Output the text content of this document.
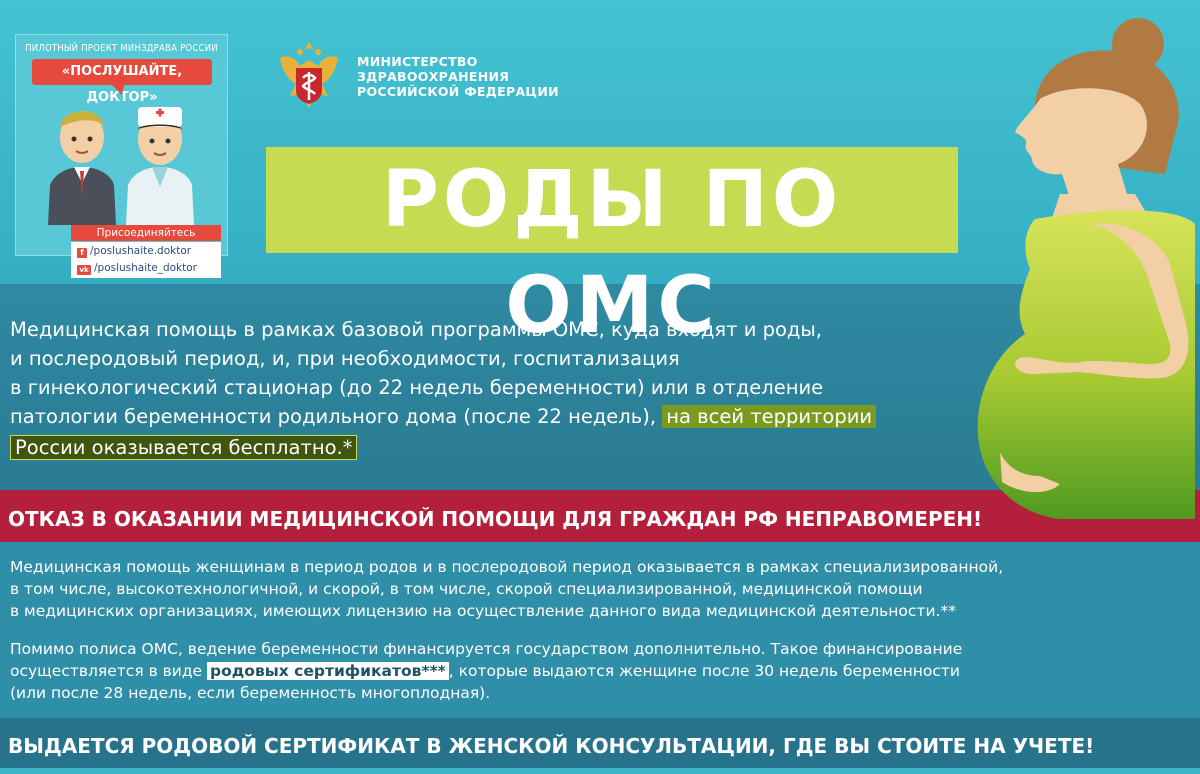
ПИЛОТНЫЙ ПРОЕКТ МИНЗДРАВА РОССИИ
«ПОСЛУШАЙТЕ, ДОКТОР»
Присоединяйтесь
f /poslushaite.doktor
vk /poslushaite_doktor
МИНИСТЕРСТВО
ЗДРАВООХРАНЕНИЯ
РОССИЙСКОЙ ФЕДЕРАЦИИ
РОДЫ ПО ОМС
Медицинская помощь в рамках базовой программы ОМС, куда входят и роды,
и послеродовый период, и, при необходимости, госпитализация
в гинекологический стационар (до 22 недель беременности) или в отделение
патологии беременности родильного дома (после 22 недель), на всей территории
России оказывается бесплатно.*
ОТКАЗ В ОКАЗАНИИ МЕДИЦИНСКОЙ ПОМОЩИ ДЛЯ ГРАЖДАН РФ НЕПРАВОМЕРЕН!
Медицинская помощь женщинам в период родов и в послеродовой период оказывается в рамках специализированной,
в том числе, высокотехнологичной, и скорой, в том числе, скорой специализированной, медицинской помощи
в медицинских организациях, имеющих лицензию на осуществление данного вида медицинской деятельности.**
Помимо полиса ОМС, ведение беременности финансируется государством дополнительно. Такое финансирование
осуществляется в виде родовых сертификатов*** , которые выдаются женщине после 30 недель беременности
(или после 28 недель, если беременность многоплодная).
ВЫДАЕТСЯ РОДОВОЙ СЕРТИФИКАТ В ЖЕНСКОЙ КОНСУЛЬТАЦИИ, ГДЕ ВЫ СТОИТЕ НА УЧЕТЕ!
